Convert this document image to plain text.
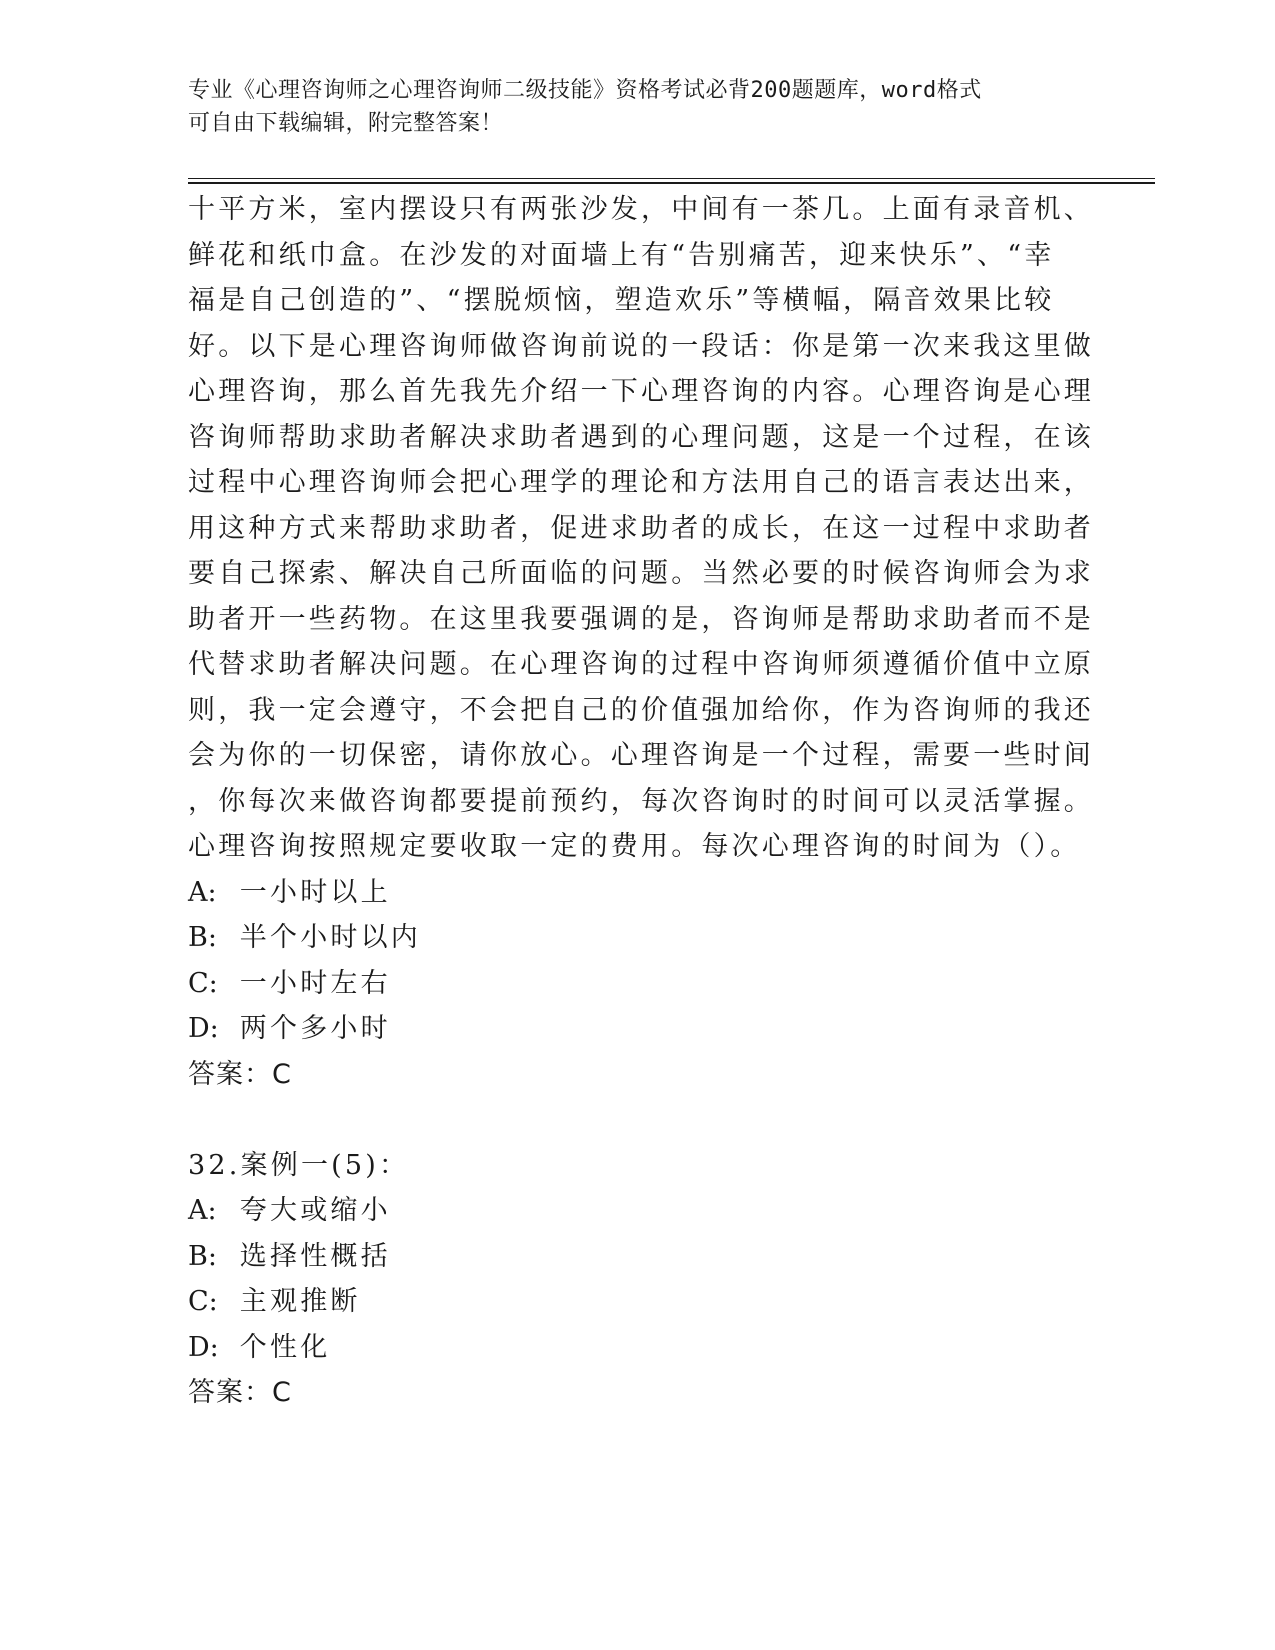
专业《心理咨询师之心理咨询师二级技能》资格考试必背200题题库，word格式
可自由下载编辑，附完整答案！
十平方米，室内摆设只有两张沙发，中间有一茶几。上面有录音机、
鲜花和纸巾盒。在沙发的对面墙上有“告别痛苦，迎来快乐”、“幸
福是自己创造的”、“摆脱烦恼，塑造欢乐”等横幅，隔音效果比较
好。以下是心理咨询师做咨询前说的一段话：你是第一次来我这里做
心理咨询，那么首先我先介绍一下心理咨询的内容。心理咨询是心理
咨询师帮助求助者解决求助者遇到的心理问题，这是一个过程，在该
过程中心理咨询师会把心理学的理论和方法用自己的语言表达出来，
用这种方式来帮助求助者，促进求助者的成长，在这一过程中求助者
要自己探索、解决自己所面临的问题。当然必要的时候咨询师会为求
助者开一些药物。在这里我要强调的是，咨询师是帮助求助者而不是
代替求助者解决问题。在心理咨询的过程中咨询师须遵循价值中立原
则，我一定会遵守，不会把自己的价值强加给你，作为咨询师的我还
会为你的一切保密，请你放心。心理咨询是一个过程，需要一些时间
，你每次来做咨询都要提前预约，每次咨询时的时间可以灵活掌握。
心理咨询按照规定要收取一定的费用。每次心理咨询的时间为（）。
A: 一小时以上
B: 半个小时以内
C: 一小时左右
D: 两个多小时
答案：C
32.案例一(5)：
A: 夸大或缩小
B: 选择性概括
C: 主观推断
D: 个性化
答案：C
